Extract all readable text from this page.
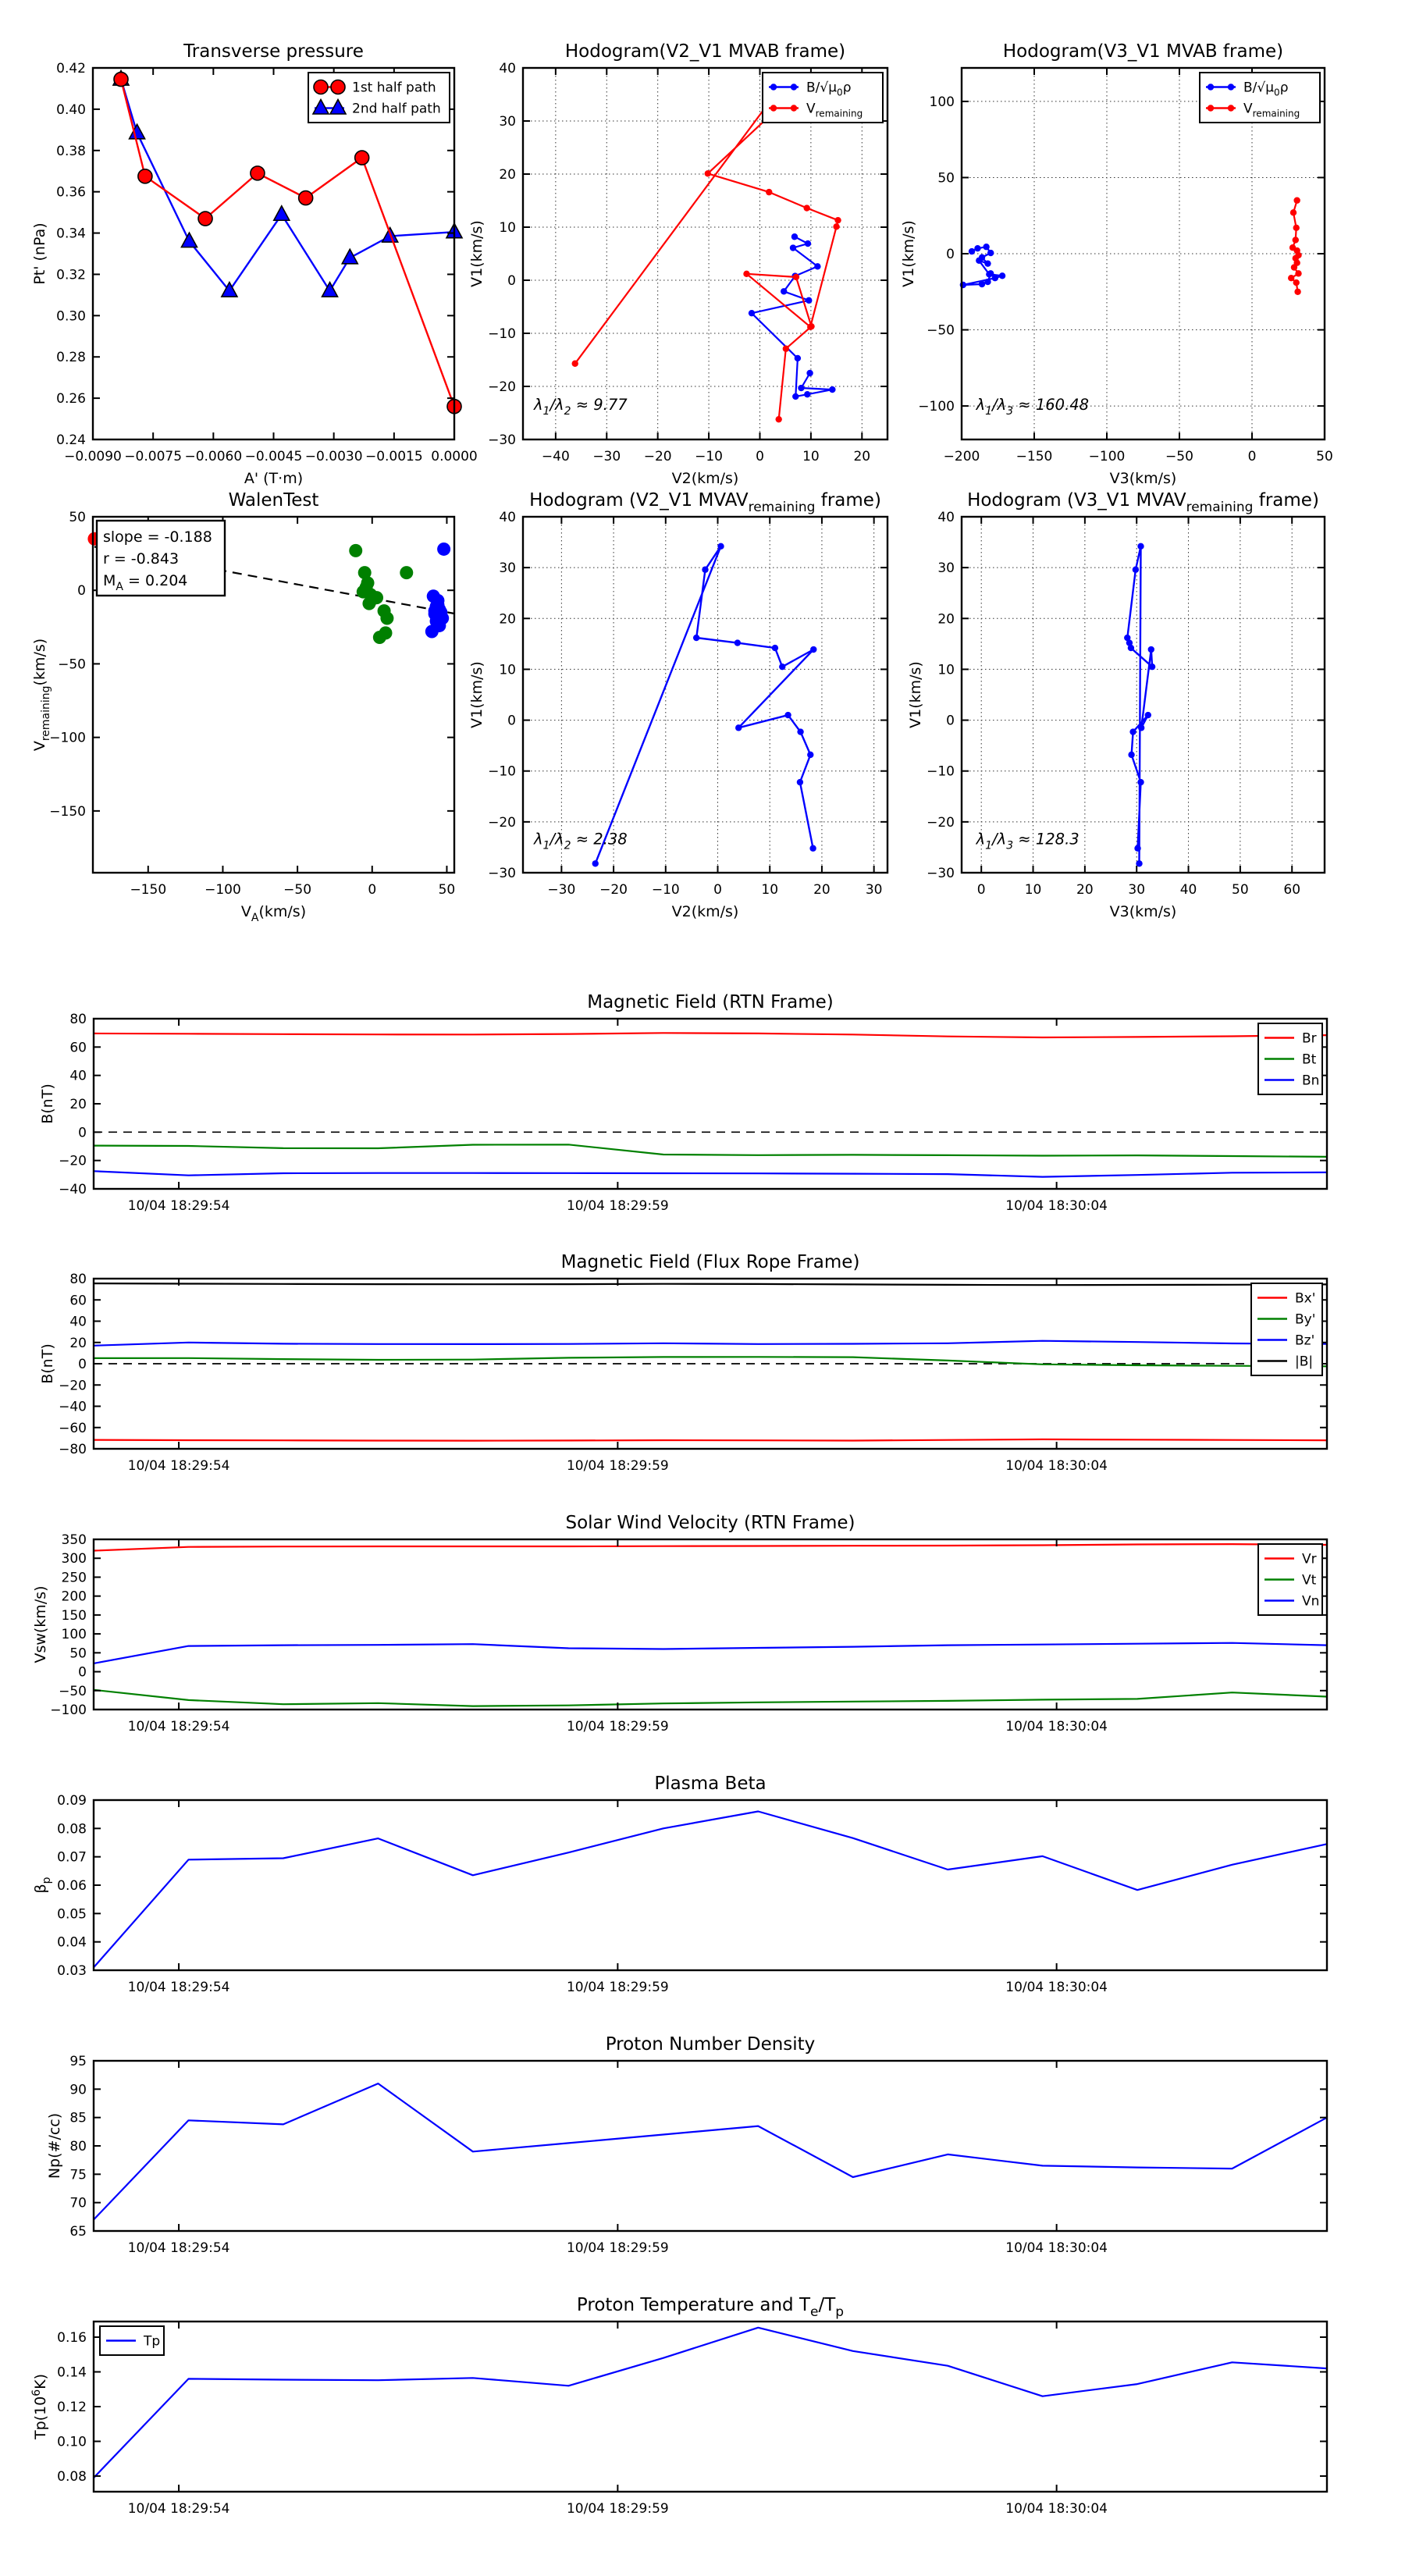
−0.0090 −0.0075 −0.0060 −0.0045 −0.0030 −0.0015 0.0000
0.24
0.26
0.28
0.30
0.32
0.34
0.36
0.38
0.40
0.42
Transverse pressure
A' (T·m)
Pt' (nPa)
1st half path
2nd half path
−40 −30 −20 −10 0	10	20
−30
−20
−10
0
10
20
30
40
Hodogram(V2_V1 MVAB frame)
V2(km/s)
V1(km/s)
$\lambda_1/\lambda_2 \approx 9.77$
$B/√\mu_0\rho$
$V_{remaining}$
−200	−150	−100	−50	0	50
−100
−50
0
50
100
Hodogram(V3_V1 MVAB frame)
V3(km/s)
V1(km/s)
$\lambda_1/\lambda_3 \approx 160.48$
$B/√\mu_0\rho$
$V_{remaining}$
−150	−100	−50	0	50
−150
−100
−50
0
50
WalenTest
$V_A(km/s)$
$V_{remaining}(km/s)$
slope = -0.188
r = -0.843
$M_A = 0.204$
−30 −20 −10	0	10	20	30
−30
−20
−10
0
10
20
30
40
Hodogram (V2_V1 $MVAV_{remaining}$ frame)
V2(km/s)
V1(km/s)
$\lambda_1/\lambda_2 \approx 2.38$
0	10	20	30	40	50	60
−30
−20
−10
0
10
20
30
40
Hodogram (V3_V1 $MVAV_{remaining}$ frame)
V3(km/s)
V1(km/s)
$\lambda_1/\lambda_3 \approx 128.3$
10/04 18:29:54	10/04 18:29:59	10/04 18:30:04
−40
−20
0
20
40
60
80
Magnetic Field (RTN Frame)
B(nT)
Br
Bt
Bn
10/04 18:29:54	10/04 18:29:59	10/04 18:30:04
−80
−60
−40
−20
0
20
40
60
80
Magnetic Field (Flux Rope Frame)
B(nT)
Bx'
By'
Bz'
|B|
10/04 18:29:54	10/04 18:29:59	10/04 18:30:04
−100
−50
0
50
100
150
200
250
300
350
Solar Wind Velocity (RTN Frame)
Vsw(km/s)
Vr
Vt
Vn
10/04 18:29:54	10/04 18:29:59	10/04 18:30:04
0.03
0.04
0.05
0.06
0.07
0.08
0.09
Plasma Beta
$\beta_p$
10/04 18:29:54	10/04 18:29:59	10/04 18:30:04
65
70
75
80
85
90
95
Proton Number Density
Np(#/cc)
10/04 18:29:54	10/04 18:29:59	10/04 18:30:04
0.08
0.10
0.12
0.14
0.16
Proton Temperature and $T_e/T_p$
$Tp(10^6K)$
Tp
